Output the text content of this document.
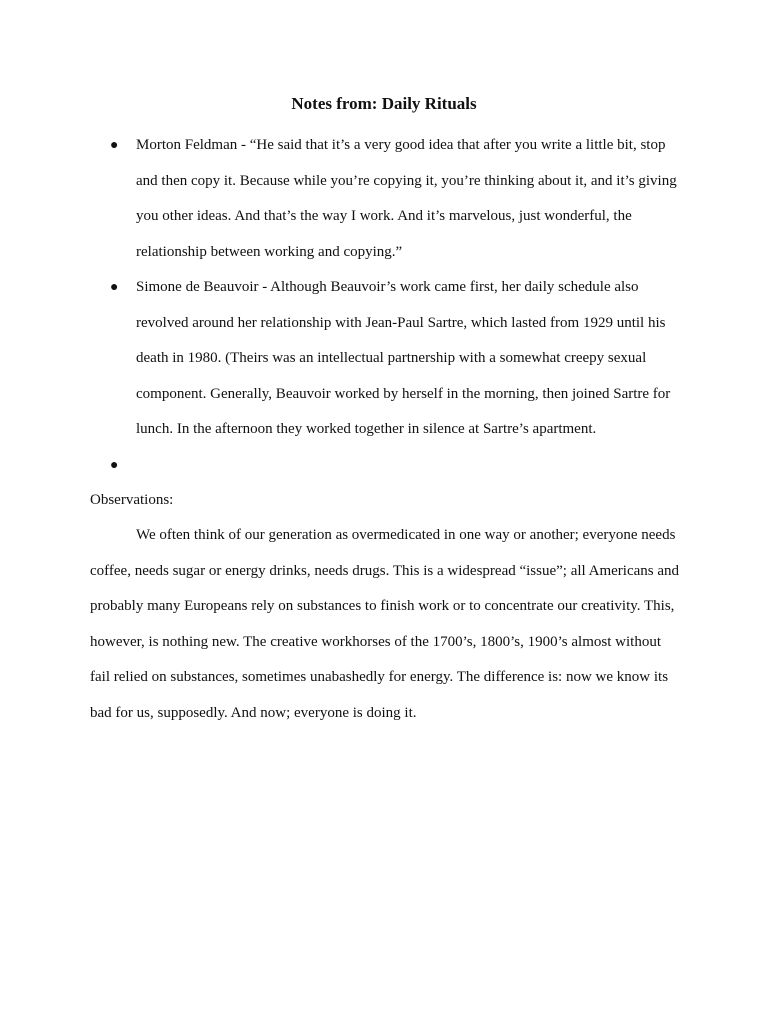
Notes from: Daily Rituals
● Morton Feldman - “He said that it’s a very good idea that after you write a little bit, stop and then copy it. Because while you’re copying it, you’re thinking about it, and it’s giving you other ideas. And that’s the way I work. And it’s marvelous, just wonderful, the relationship between working and copying.”
● Simone de Beauvoir - Although Beauvoir’s work came first, her daily schedule also revolved around her relationship with Jean-Paul Sartre, which lasted from 1929 until his death in 1980. (Theirs was an intellectual partnership with a somewhat creepy sexual component. Generally, Beauvoir worked by herself in the morning, then joined Sartre for lunch. In the afternoon they worked together in silence at Sartre’s apartment.
●
Observations:

We often think of our generation as overmedicated in one way or another; everyone needs coffee, needs sugar or energy drinks, needs drugs. This is a widespread “issue”; all Americans and probably many Europeans rely on substances to finish work or to concentrate our creativity. This, however, is nothing new. The creative workhorses of the 1700’s, 1800’s, 1900’s almost without fail relied on substances, sometimes unabashedly for energy. The difference is: now we know its bad for us, supposedly. And now; everyone is doing it.
